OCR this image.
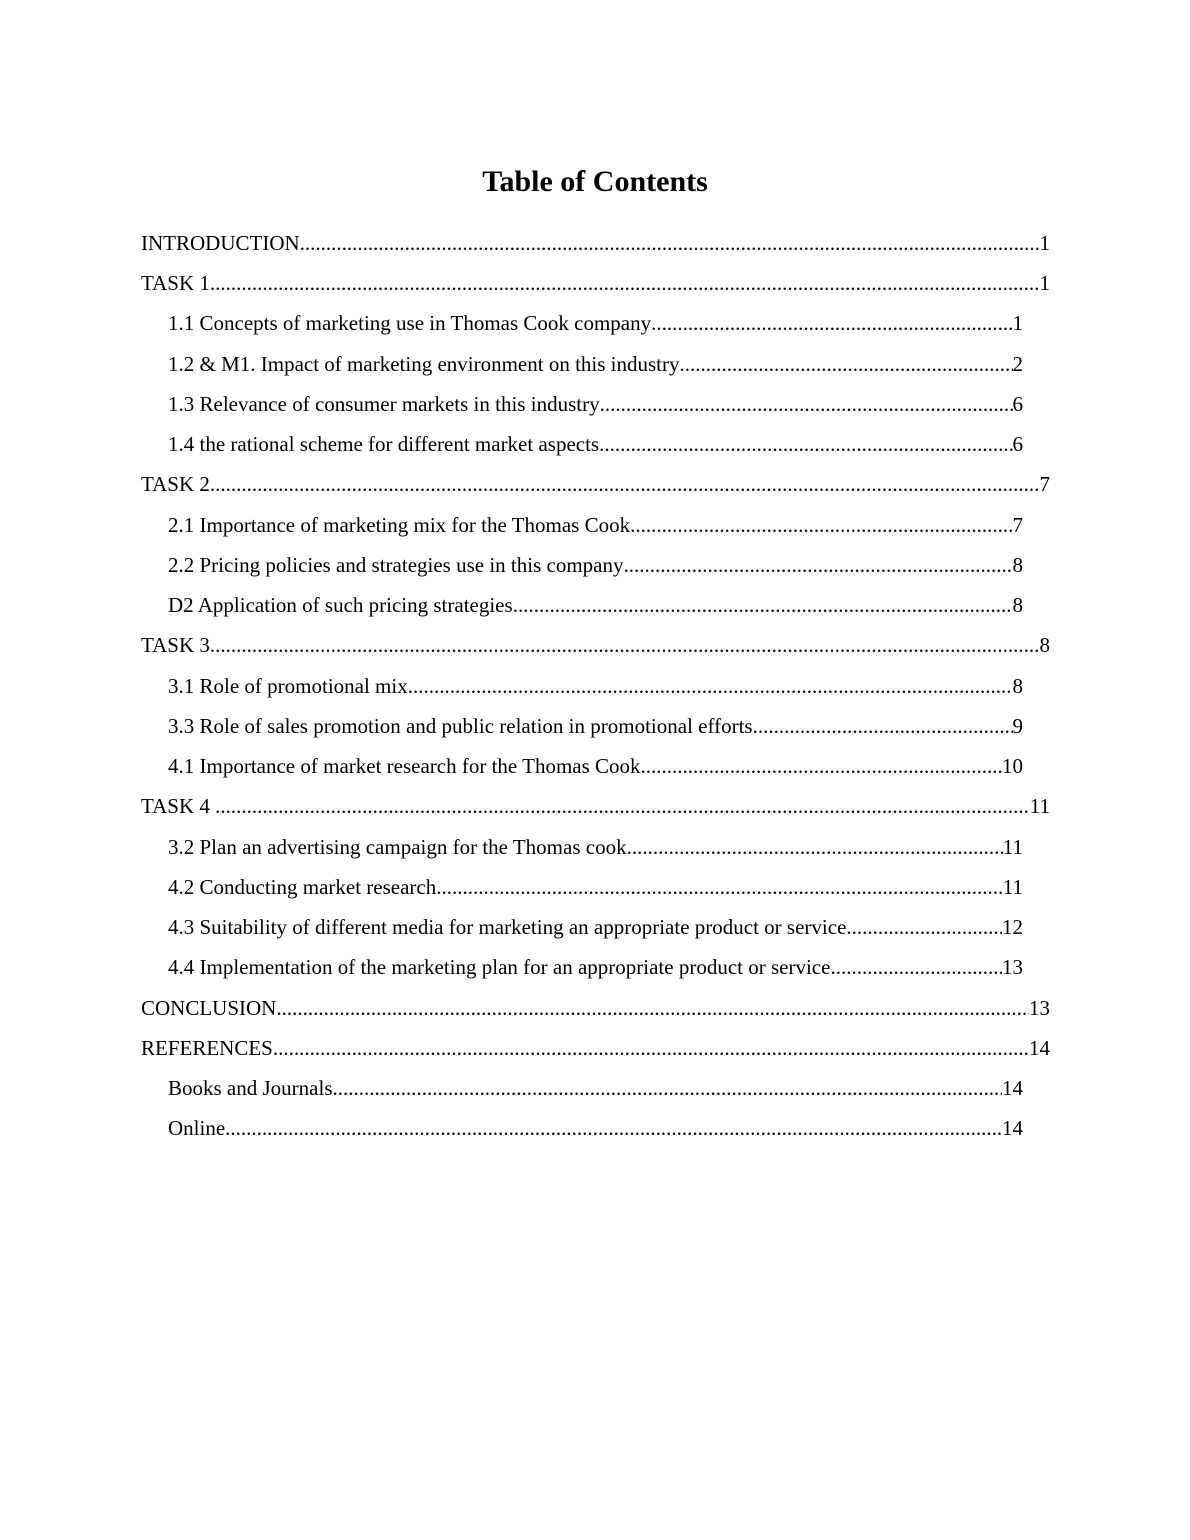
Table of Contents
INTRODUCTION .....	1
TASK 1 .....	1
1.1 Concepts of marketing use in Thomas Cook company .....	1
1.2 & M1. Impact of marketing environment on this industry .....	2
1.3 Relevance of consumer markets in this industry .....	6
1.4 the rational scheme for different market aspects .....	6
TASK 2 .....	7
2.1 Importance of marketing mix for the Thomas Cook .....	7
2.2 Pricing policies and strategies use in this company .....	8
D2 Application of such pricing strategies .....	8
TASK 3 .....	8
3.1 Role of promotional mix .....	8
3.3 Role of sales promotion and public relation in promotional efforts .....	9
4.1 Importance of market research for the Thomas Cook .....	10
TASK 4 .....	11
3.2 Plan an advertising campaign for the Thomas cook .....	11
4.2 Conducting market research .....	11
4.3 Suitability of different media for marketing an appropriate product or service .....	12
4.4 Implementation of the marketing plan for an appropriate product or service .....	13
CONCLUSION .....	13
REFERENCES .....	14
Books and Journals .....	14
Online .....	14
